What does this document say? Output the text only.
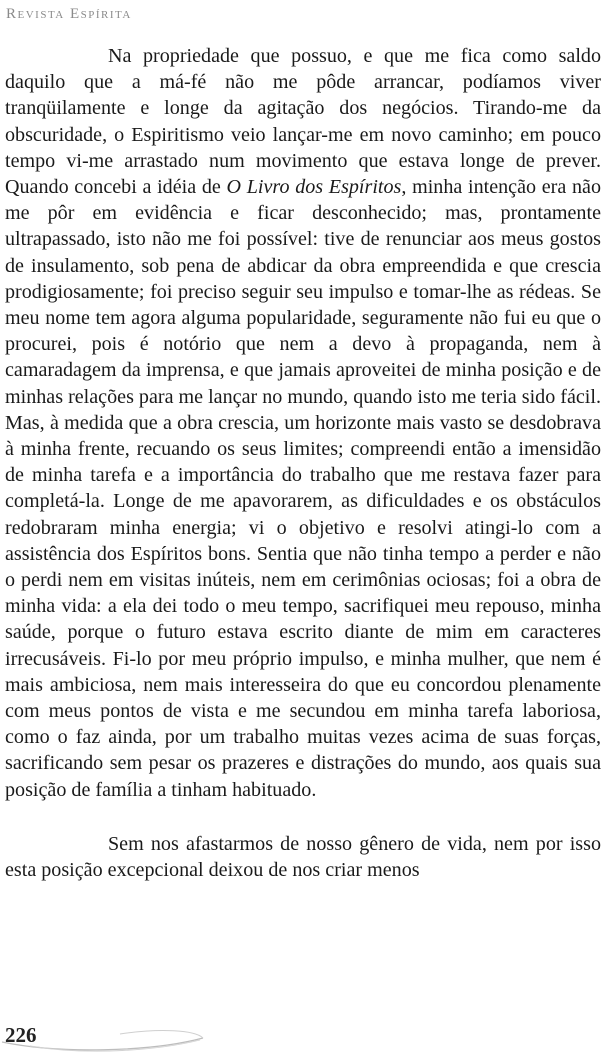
Revista Espírita

Na propriedade que possuo, e que me fica como saldo daquilo que a má-fé não me pôde arrancar, podíamos viver tranqüilamente e longe da agitação dos negócios. Tirando-me da obscuridade, o Espiritismo veio lançar-me em novo caminho; em pouco tempo vi-me arrastado num movimento que estava longe de prever. Quando concebi a idéia de O Livro dos Espíritos, minha intenção era não me pôr em evidência e ficar desconhecido; mas, prontamente ultrapassado, isto não me foi possível: tive de renunciar aos meus gostos de insulamento, sob pena de abdicar da obra empreendida e que crescia prodigiosamente; foi preciso seguir seu impulso e tomar-lhe as rédeas. Se meu nome tem agora alguma popularidade, seguramente não fui eu que o procurei, pois é notório que nem a devo à propaganda, nem à camaradagem da imprensa, e que jamais aproveitei de minha posição e de minhas relações para me lançar no mundo, quando isto me teria sido fácil. Mas, à medida que a obra crescia, um horizonte mais vasto se desdobrava à minha frente, recuando os seus limites; compreendi então a imensidão de minha tarefa e a importância do trabalho que me restava fazer para completá-la. Longe de me apavorarem, as dificuldades e os obstáculos redobraram minha energia; vi o objetivo e resolvi atingi-lo com a assistência dos Espíritos bons. Sentia que não tinha tempo a perder e não o perdi nem em visitas inúteis, nem em cerimônias ociosas; foi a obra de minha vida: a ela dei todo o meu tempo, sacrifiquei meu repouso, minha saúde, porque o futuro estava escrito diante de mim em caracteres irrecusáveis. Fi-lo por meu próprio impulso, e minha mulher, que nem é mais ambiciosa, nem mais interesseira do que eu concordou plenamente com meus pontos de vista e me secundou em minha tarefa laboriosa, como o faz ainda, por um trabalho muitas vezes acima de suas forças, sacrificando sem pesar os prazeres e distrações do mundo, aos quais sua posição de família a tinham habituado.

Sem nos afastarmos de nosso gênero de vida, nem por isso esta posição excepcional deixou de nos criar menos

226
